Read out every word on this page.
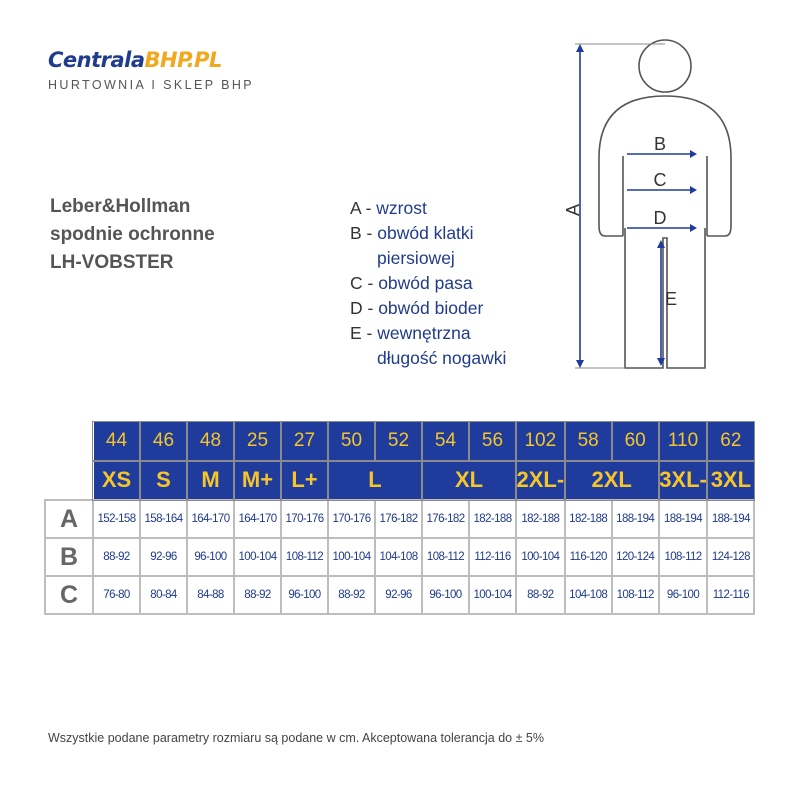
CentralaBHP.PL
HURTOWNIA I SKLEP BHP
Leber&Hollman
spodnie ochronne
LH-VOBSTER
A - wzrost
B - obwód klatki
piersiowej
C - obwód pasa
D - obwód bioder
E - wewnętrzna
długość nogawki
A
B
C
D
E
	44	46	48	25	27	50	52	54	56	102	58	60	110	62
	XS	S	M	M+	L+	L		XL		2XL-	2XL		3XL-	3XL
A	152-158	158-164	164-170	164-170	170-176	170-176	176-182	176-182	182-188	182-188	182-188	188-194	188-194	188-194
B	88-92	92-96	96-100	100-104	108-112	100-104	104-108	108-112	112-116	100-104	116-120	120-124	108-112	124-128
C	76-80	80-84	84-88	88-92	96-100	88-92	92-96	96-100	100-104	88-92	104-108	108-112	96-100	112-116
Wszystkie podane parametry rozmiaru są podane w cm. Akceptowana tolerancja do ± 5%
